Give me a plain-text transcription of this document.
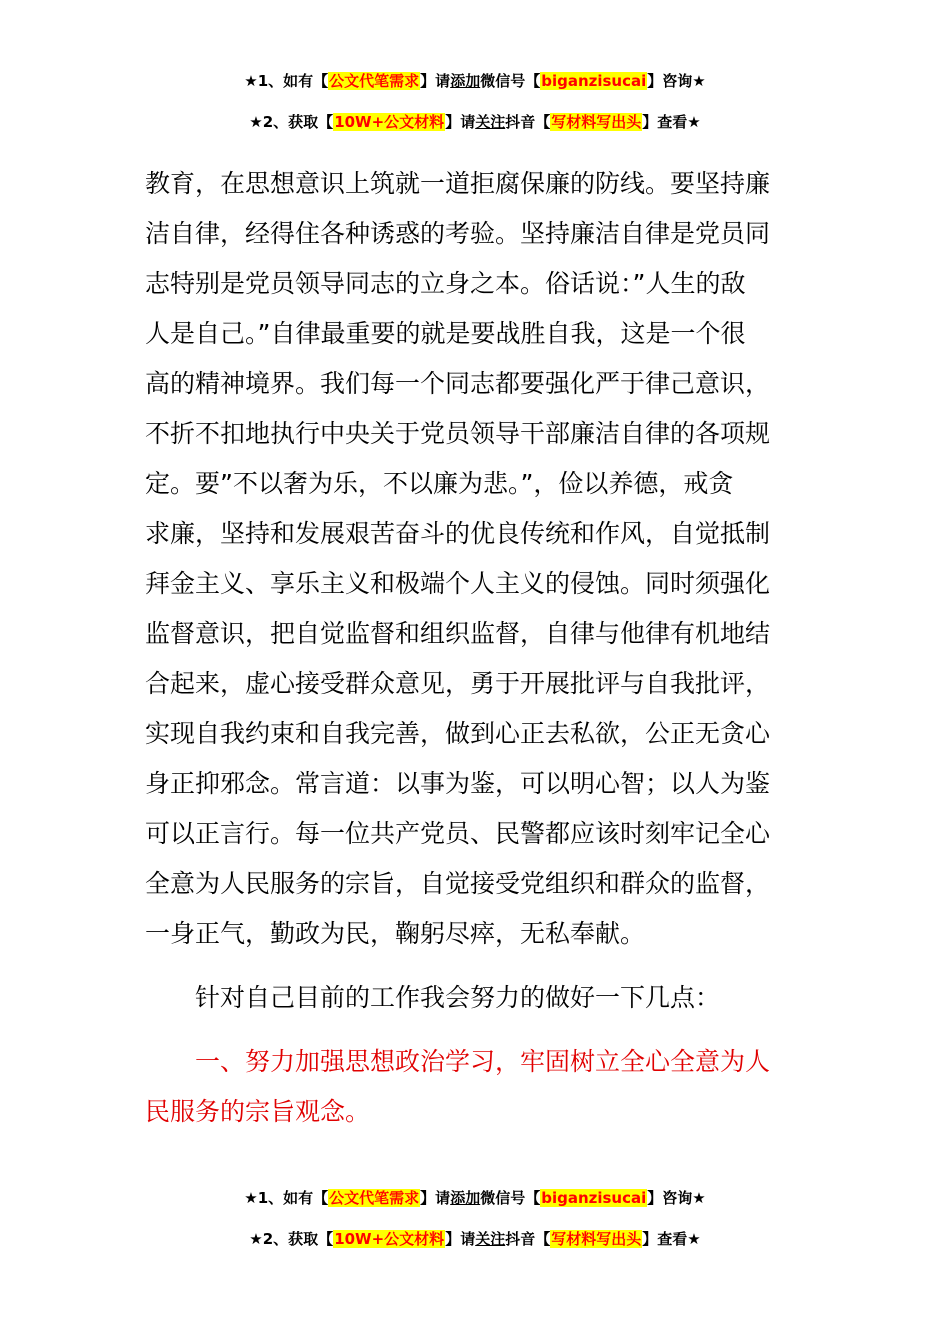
★1、如有【公文代笔需求】请添加微信号【biganzisucai】咨询★
★2、获取【10W+公文材料】请关注抖音【写材料写出头】查看★
教育，在思想意识上筑就一道拒腐保廉的防线。要坚持廉
洁自律，经得住各种诱惑的考验。坚持廉洁自律是党员同
志特别是党员领导同志的立身之本。俗话说：”人生的敌
人是自己。”自律最重要的就是要战胜自我，这是一个很
高的精神境界。我们每一个同志都要强化严于律己意识，
不折不扣地执行中央关于党员领导干部廉洁自律的各项规
定。要”不以奢为乐，不以廉为悲。”，俭以养德，戒贪
求廉，坚持和发展艰苦奋斗的优良传统和作风，自觉抵制
拜金主义、享乐主义和极端个人主义的侵蚀。同时须强化
监督意识，把自觉监督和组织监督，自律与他律有机地结
合起来，虚心接受群众意见，勇于开展批评与自我批评，
实现自我约束和自我完善，做到心正去私欲，公正无贪心
身正抑邪念。常言道：以事为鉴，可以明心智；以人为鉴
可以正言行。每一位共产党员、民警都应该时刻牢记全心
全意为人民服务的宗旨，自觉接受党组织和群众的监督，
一身正气，勤政为民，鞠躬尽瘁，无私奉献。
针对自己目前的工作我会努力的做好一下几点：
一、努力加强思想政治学习，牢固树立全心全意为人
民服务的宗旨观念。
★1、如有【公文代笔需求】请添加微信号【biganzisucai】咨询★
★2、获取【10W+公文材料】请关注抖音【写材料写出头】查看★
